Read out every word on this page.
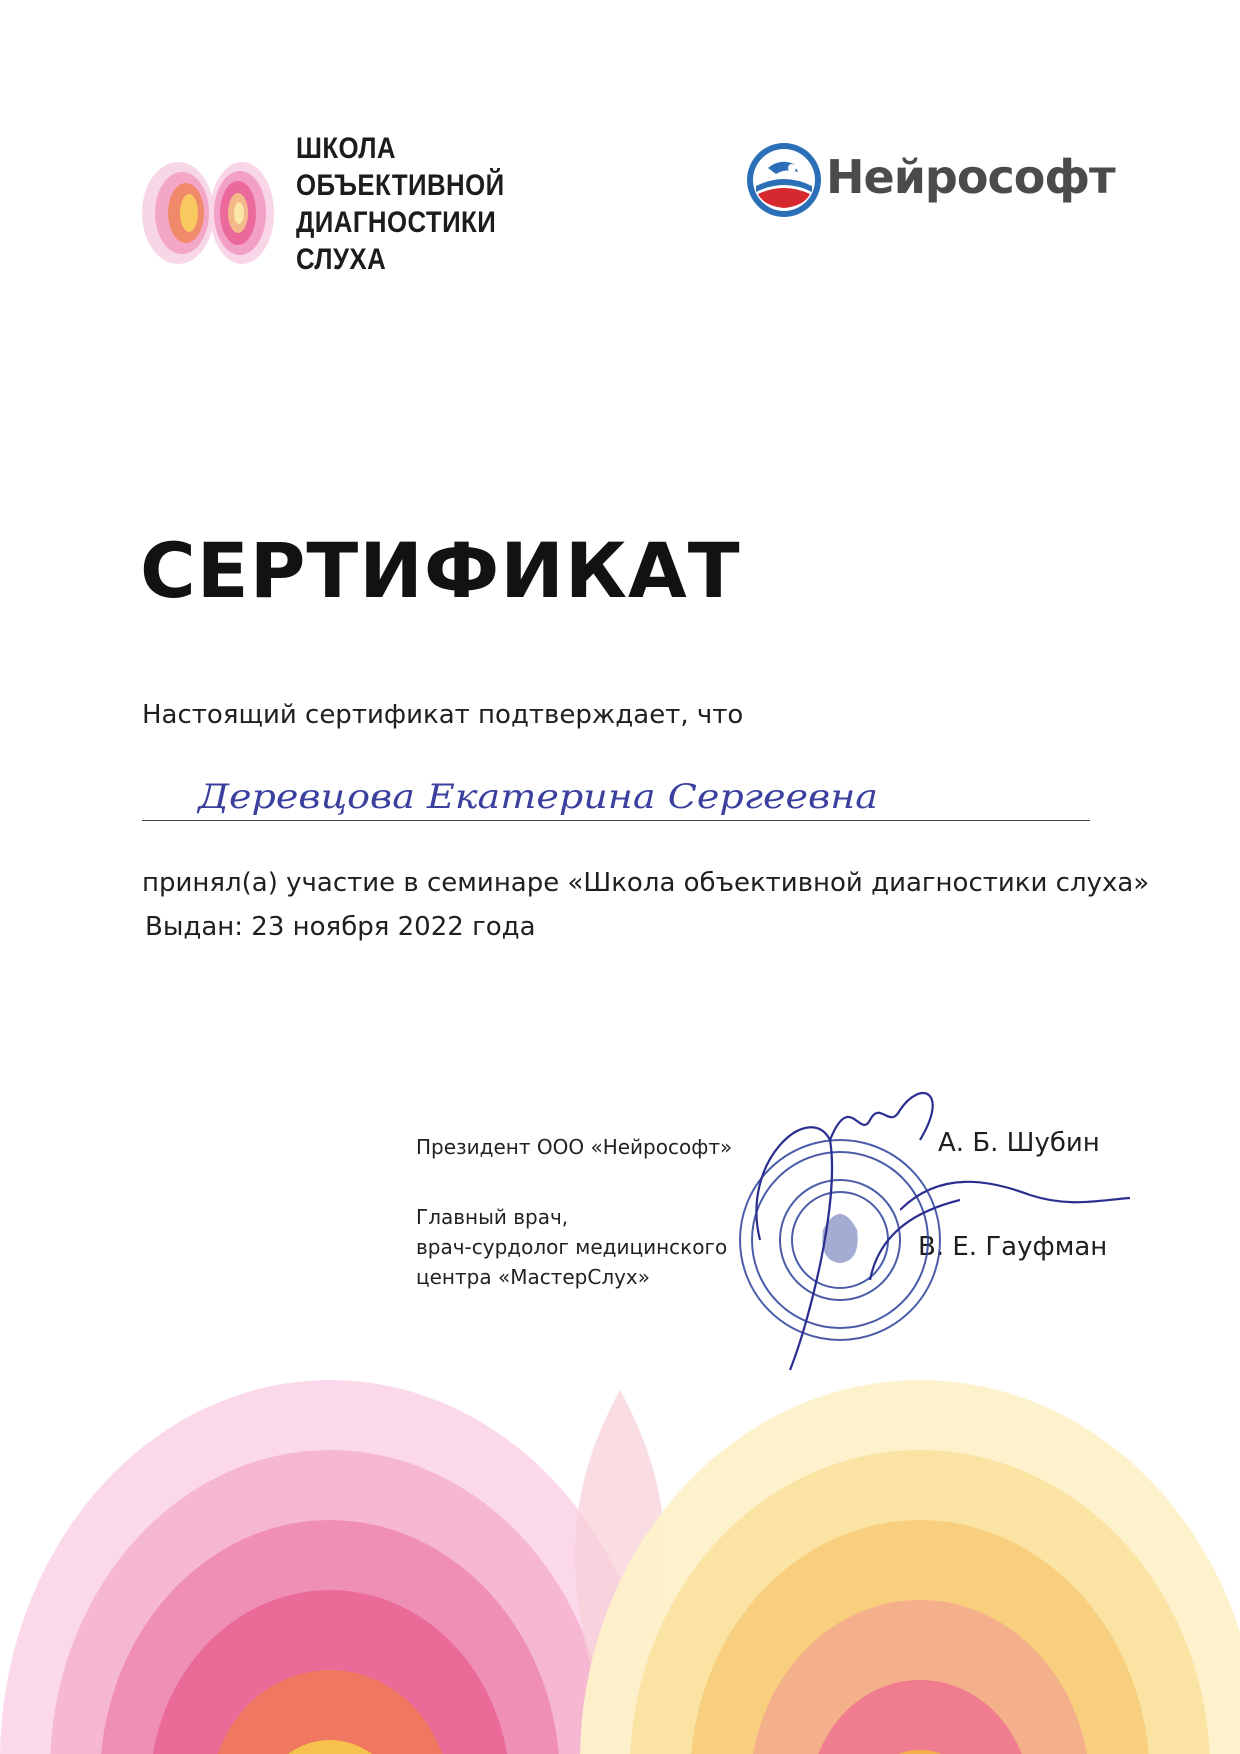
ШКОЛА
ОБЪЕКТИВНОЙ
ДИАГНОСТИКИ
СЛУХА
Нейрософт
СЕРТИФИКАТ
Настоящий сертификат подтверждает, что
Деревцова Екатерина Сергеевна
принял(а) участие в семинаре «Школа объективной диагностики слуха»
Выдан: 23 ноября 2022 года
Президент ООО «Нейрософт»	А. Б. Шубин
Главный врач,
врач-сурдолог медицинского
центра «МастерСлух»
В. Е. Гауфман
